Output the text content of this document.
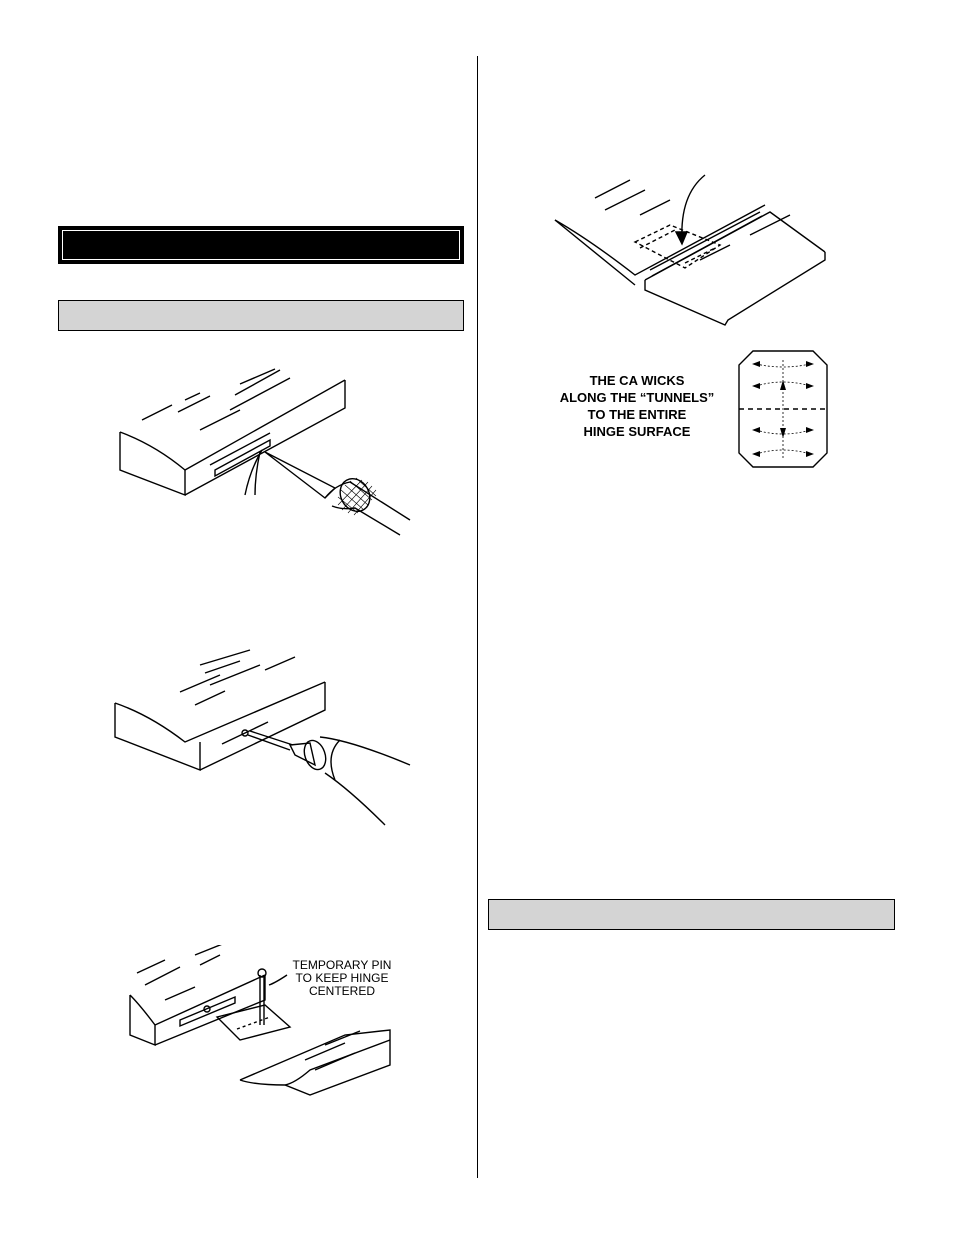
TEMPORARY PIN
TO KEEP HINGE
CENTERED
THE CA WICKS
ALONG THE “TUNNELS”
TO THE ENTIRE
HINGE SURFACE
